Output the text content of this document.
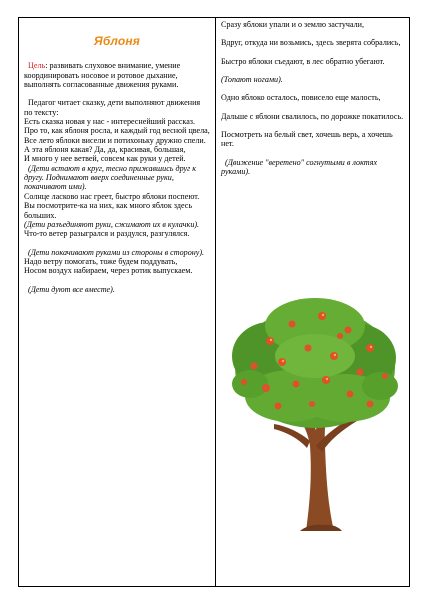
Яблоня

Цель: развивать слуховое внимание, умение координировать носовое и ротовое дыхание, выполнять согласованные движения руками.

Педагог читает сказку, дети выполняют движения по тексту:

Есть сказка новая у нас - интереснейший рассказ.

Про то, как яблоня росла, и каждый год весной цвела,

Все лето яблоки висели и потихоньку дружно спели.

А эта яблоня какая? Да, да, красивая, большая,

И много у нее ветвей, совсем как руки у детей.

(Дети встают в круг, тесно прижавшись друг к другу. Поднимают вверх соединенные руки, покачивают ими).

Солнце ласково нас греет, быстро яблоки поспеют.

Вы посмотрите-ка на них, как много яблок здесь больших.

(Дети разъединяют руки, сжимают их в кулачки).

Что-то ветер разыгрался и раздулся, разгулялся.

(Дети покачивают руками из стороны в сторону).

Надо ветру помогать, тоже будем поддувать,

Носом воздух набираем, через ротик выпускаем.

(Дети дуют все вместе).

Сразу яблоки упали и о землю застучали,

Вдруг, откуда ни возьмись, здесь зверята собрались,

Быстро яблоки съедают, в лес обратно убегают.

(Топают ногами).

Одно яблоко осталось, повисело еще малость,

Дальше с яблони свалилось, по дорожке покатилось.

Посмотреть на белый свет, хочешь верь, а хочешь нет.

(Движение "веретено" согнутыми в локтях руками).
